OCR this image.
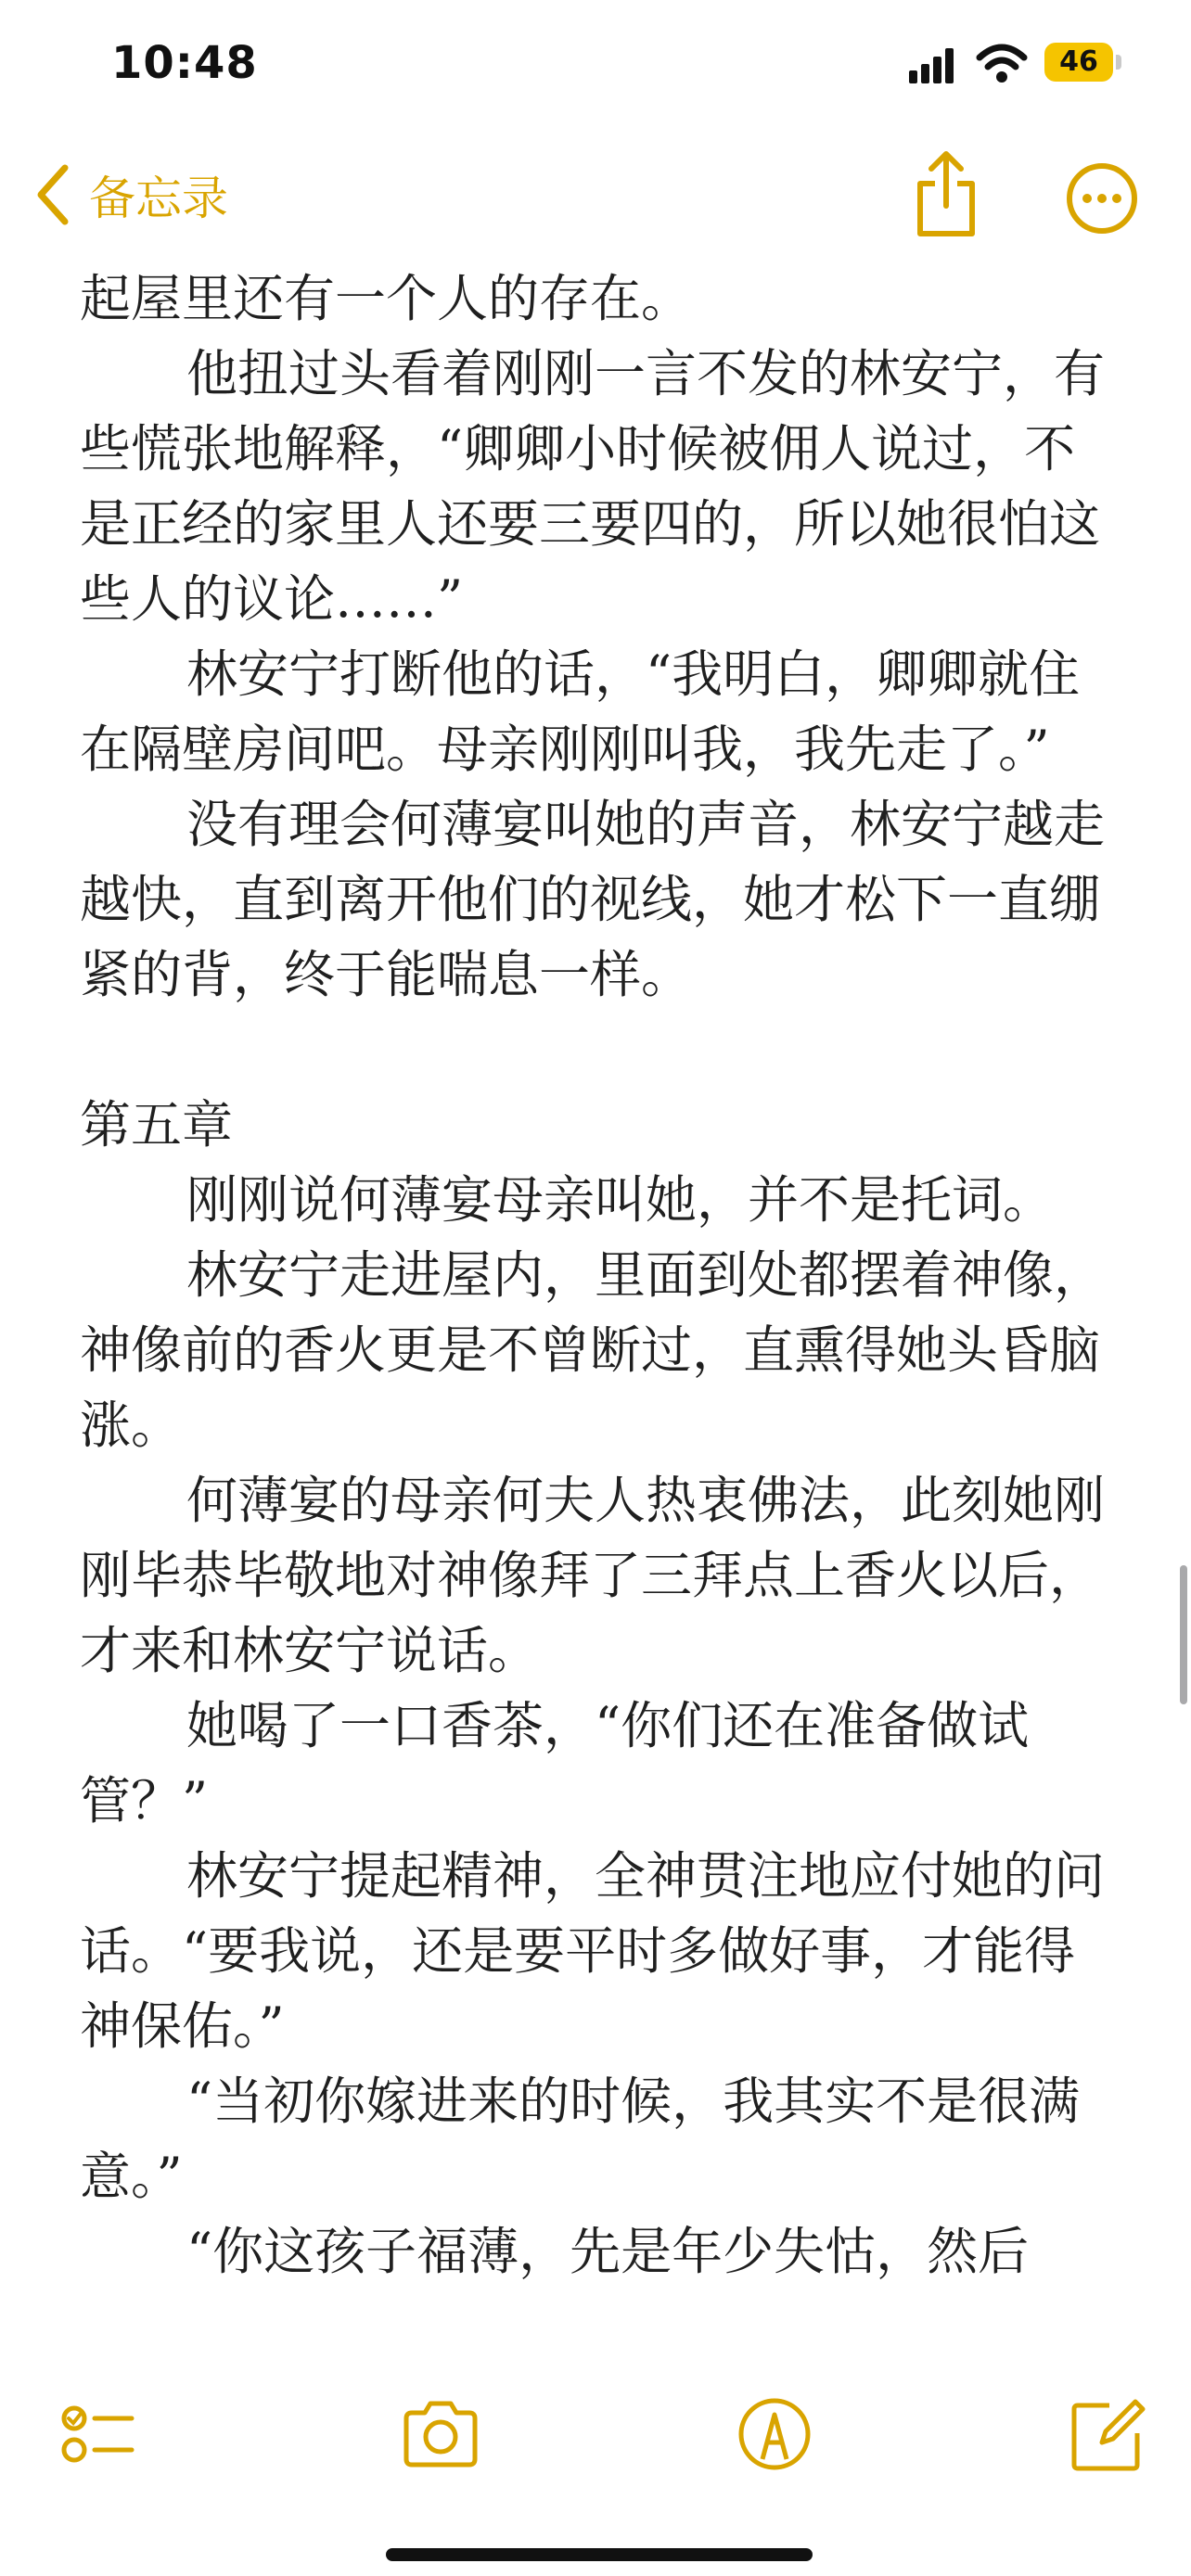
10:48	46
备忘录

起屋里还有一个人的存在。

他扭过头看着刚刚一言不发的林安宁，有些慌张地解释，“卿卿小时候被佣人说过，不是正经的家里人还要三要四的，所以她很怕这些人的议论……”

林安宁打断他的话，“我明白，卿卿就住在隔壁房间吧。母亲刚刚叫我，我先走了。”

没有理会何薄宴叫她的声音，林安宁越走越快，直到离开他们的视线，她才松下一直绷紧的背，终于能喘息一样。

第五章

刚刚说何薄宴母亲叫她，并不是托词。

林安宁走进屋内，里面到处都摆着神像，神像前的香火更是不曾断过，直熏得她头昏脑涨。

何薄宴的母亲何夫人热衷佛法，此刻她刚刚毕恭毕敬地对神像拜了三拜点上香火以后，才来和林安宁说话。

她喝了一口香茶，“你们还在准备做试管？”

林安宁提起精神，全神贯注地应付她的问话。“要我说，还是要平时多做好事，才能得神保佑。”

“当初你嫁进来的时候，我其实不是很满意。”

“你这孩子福薄，先是年少失怙，然后
